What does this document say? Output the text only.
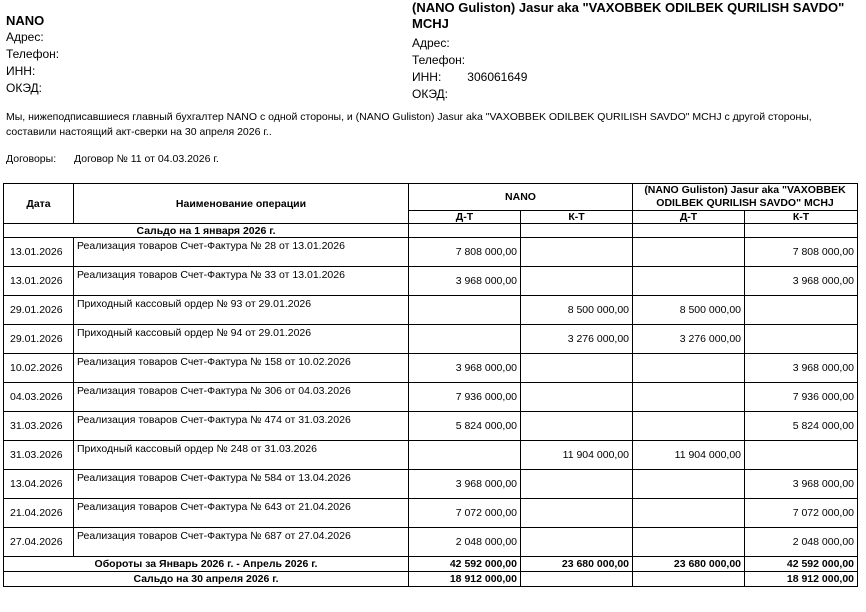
NANO
Адрес:
Телефон:
ИНН:
ОКЭД:
(NANO Guliston) Jasur aka "VAXOBBEK ODILBEK QURILISH SAVDO"
MCHJ
Адрес:
Телефон:
ИНН: 306061649
ОКЭД:
Мы, нижеподписавшиеся главный бухгалтер NANO с одной стороны, и (NANO Guliston) Jasur aka "VAXOBBEK ODILBEK QURILISH SAVDO" MCHJ с другой стороны,
составили настоящий акт-сверки на 30 апреля 2026 г..
Договоры: Договор № 11 от 04.03.2026 г.
Дата	Наименование операции	NANO		(NANO Guliston) Jasur aka "VAXOBBEK
ODILBEK QURILISH SAVDO" MCHJ	

		Д-Т	К-Т	Д-Т	К-Т
Сальдо на 1 января 2026 г.					
13.01.2026	Реализация товаров Счет-Фактура № 28 от 13.01.2026	7 808 000,00			7 808 000,00
13.01.2026	Реализация товаров Счет-Фактура № 33 от 13.01.2026	3 968 000,00			3 968 000,00
29.01.2026	Приходный кассовый ордер № 93 от 29.01.2026		8 500 000,00	8 500 000,00	
29.01.2026	Приходный кассовый ордер № 94 от 29.01.2026		3 276 000,00	3 276 000,00	
10.02.2026	Реализация товаров Счет-Фактура № 158 от 10.02.2026	3 968 000,00			3 968 000,00
04.03.2026	Реализация товаров Счет-Фактура № 306 от 04.03.2026	7 936 000,00			7 936 000,00
31.03.2026	Реализация товаров Счет-Фактура № 474 от 31.03.2026	5 824 000,00			5 824 000,00
31.03.2026	Приходный кассовый ордер № 248 от 31.03.2026		11 904 000,00	11 904 000,00	
13.04.2026	Реализация товаров Счет-Фактура № 584 от 13.04.2026	3 968 000,00			3 968 000,00
21.04.2026	Реализация товаров Счет-Фактура № 643 от 21.04.2026	7 072 000,00			7 072 000,00
27.04.2026	Реализация товаров Счет-Фактура № 687 от 27.04.2026	2 048 000,00			2 048 000,00
Обороты за Январь 2026 г. - Апрель 2026 г.		42 592 000,00	23 680 000,00	23 680 000,00	42 592 000,00
Сальдо на 30 апреля 2026 г.		18 912 000,00			18 912 000,00
